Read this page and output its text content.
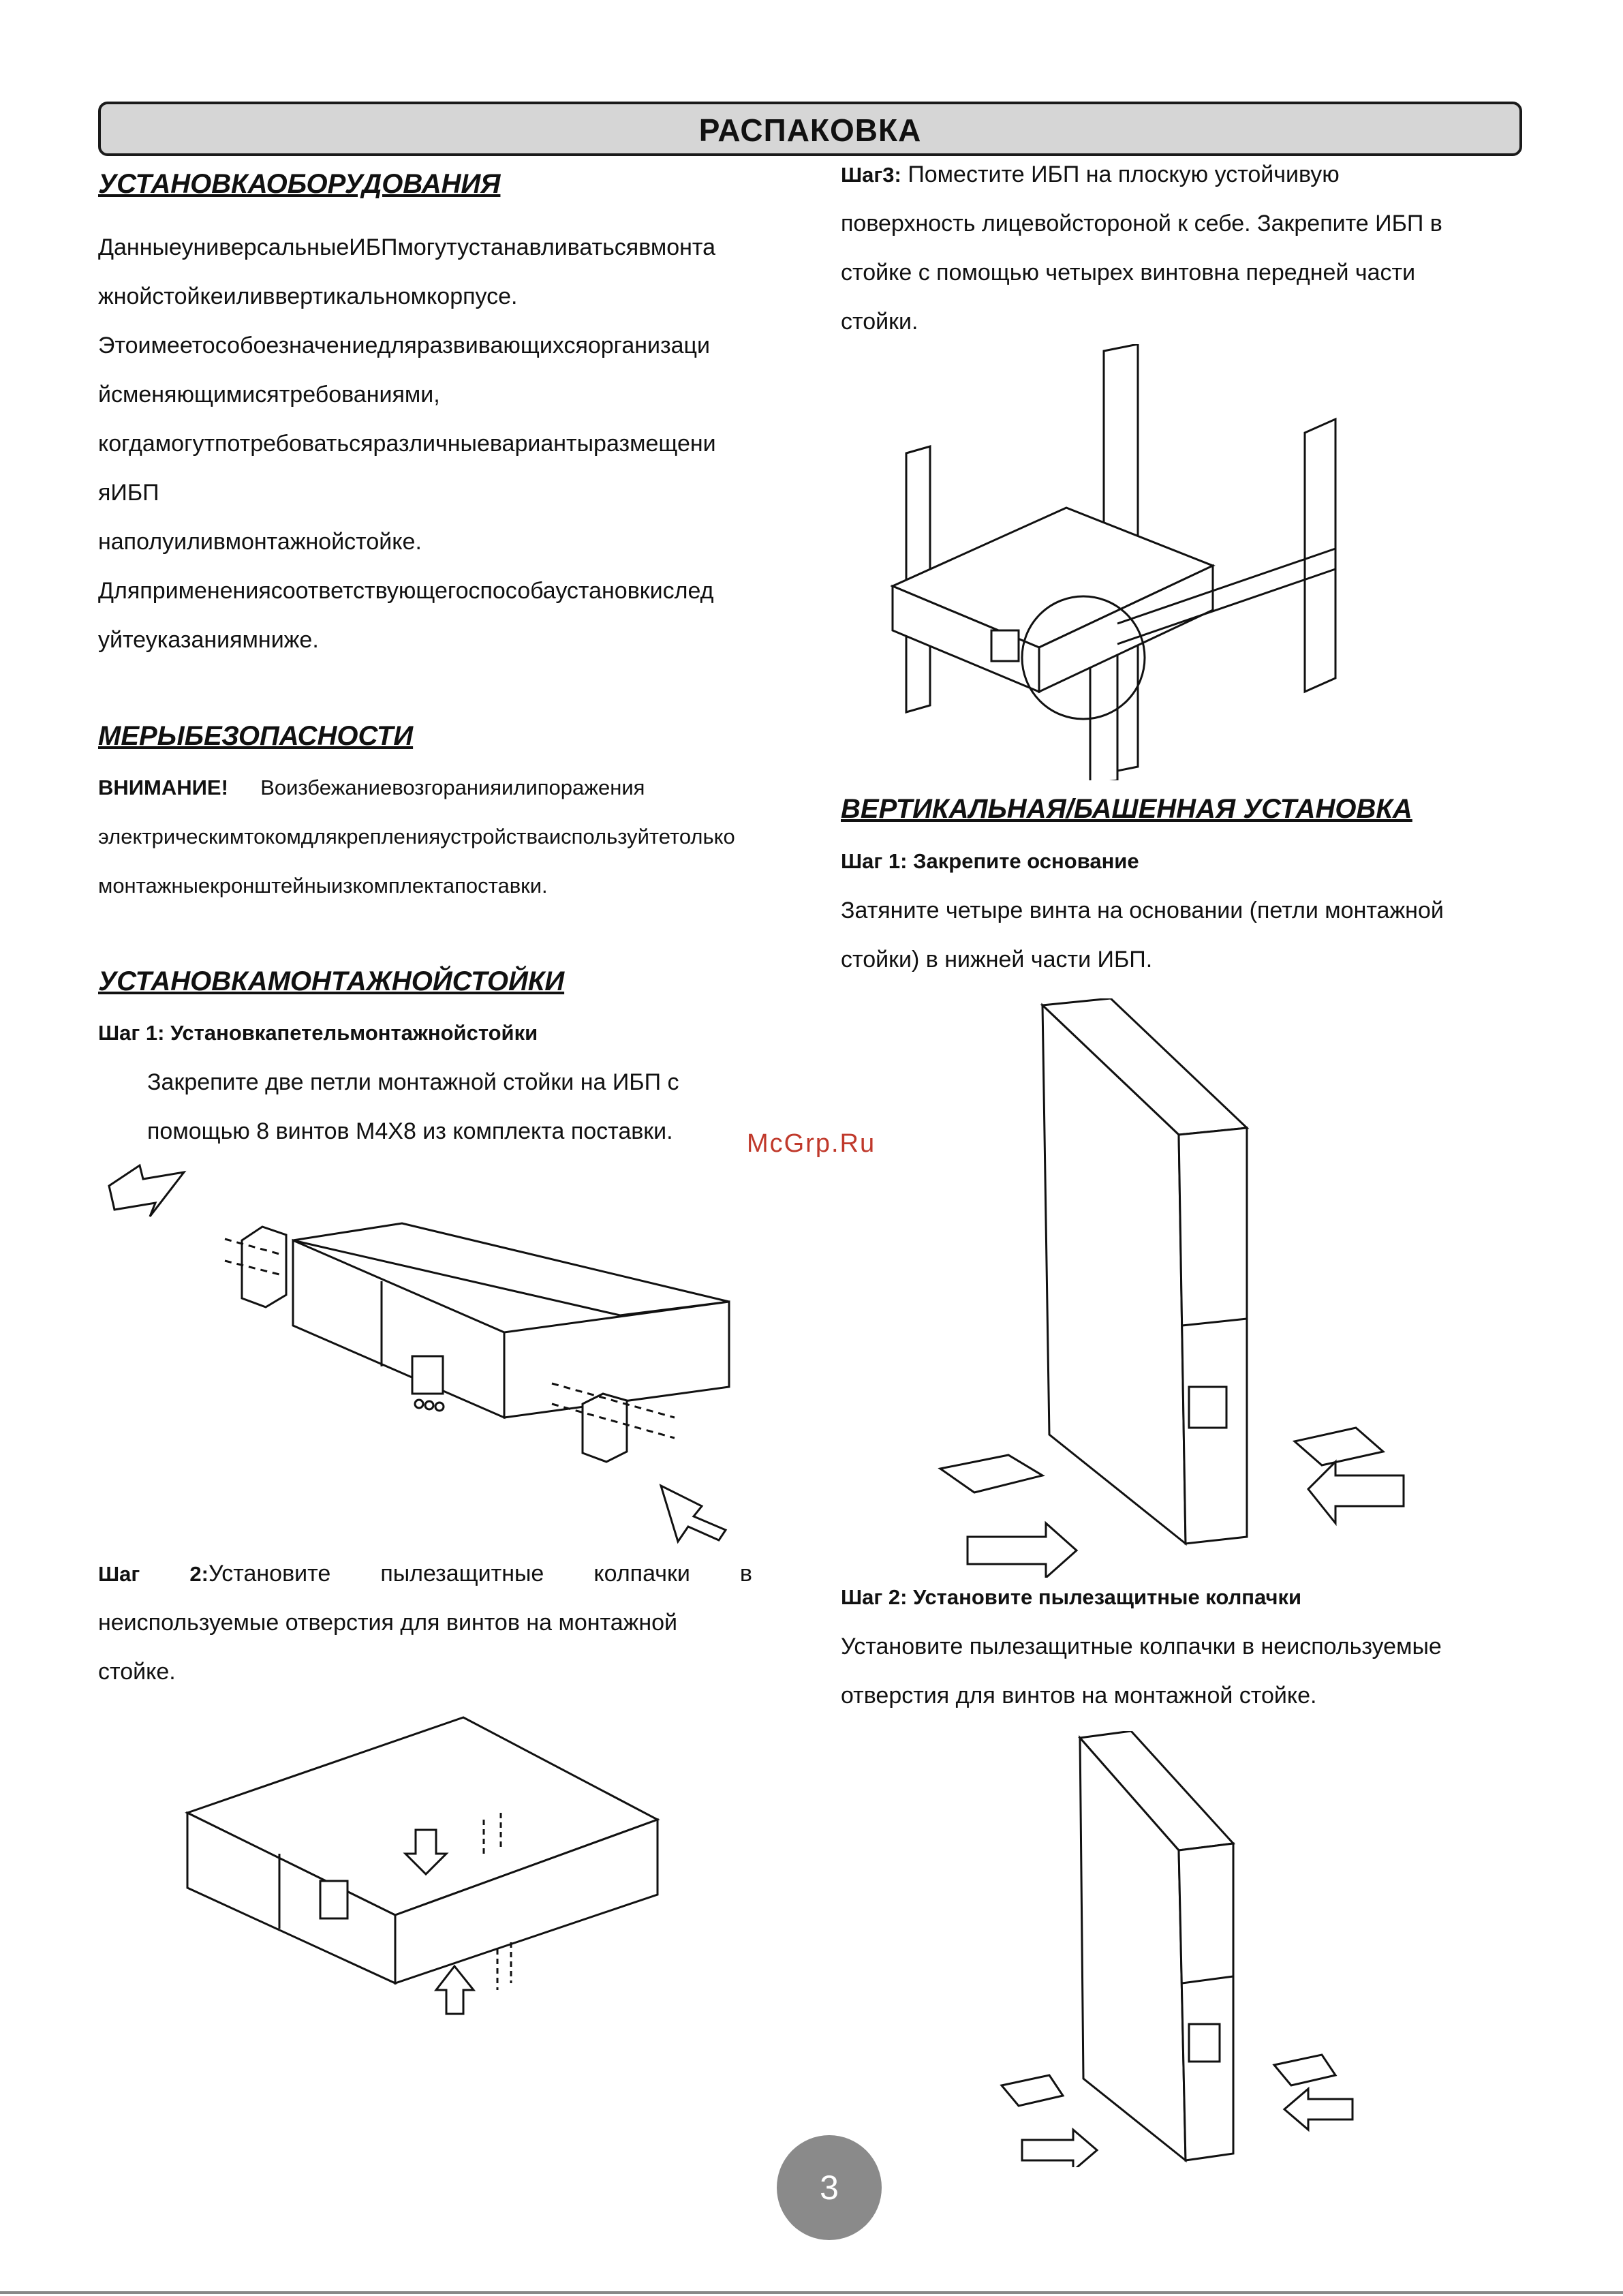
РАСПАКОВКА
УСТАНОВКАОБОРУДОВАНИЯ
ДанныеуниверсальныеИБПмогутустанавливатьсявмонта
жнойстойкеиливвертикальномкорпусе.
Этоимеетособоезначениедляразвивающихсяорганизаци
йсменяющимисятребованиями,
когдамогутпотребоватьсяразличныевариантыразмещени
яИБП
наполуиливмонтажнойстойке.
Дляпримененияcоответствующегоспособаустановкислед
уйтеуказаниямниже.
МЕРЫБЕЗОПАСНОСТИ
ВНИМАНИЕ! Воизбежаниевозгоранияилипоражения
электрическимтокомдлякрепленияустройстваиспользуйтетолько
монтажныекронштейныизкомплектапоставки.
УСТАНОВКАМОНТАЖНОЙСТОЙКИ
Шаг 1: Установкапетельмонтажнойстойки
Закрепите две петли монтажной стойки на ИБП с
помощью 8 винтов М4Х8 из комплекта поставки.
Шаг 2:Установите пылезащитные колпачки в
неиспользуемые отверстия для винтов на монтажной
стойке.
Шаг3: Поместите ИБП на плоскую устойчивую
поверхность лицевойстороной к себе. Закрепите ИБП в
стойке с помощью четырех винтовна передней части
стойки.
ВЕРТИКАЛЬНАЯ/БАШЕННАЯ УСТАНОВКА
Шаг 1: Закрепите основание
Затяните четыре винта на основании (петли монтажной
стойки) в нижней части ИБП.
Шаг 2: Установите пылезащитные колпачки
Установите пылезащитные колпачки в неиспользуемые
отверстия для винтов на монтажной стойке.
McGrp.Ru
3
